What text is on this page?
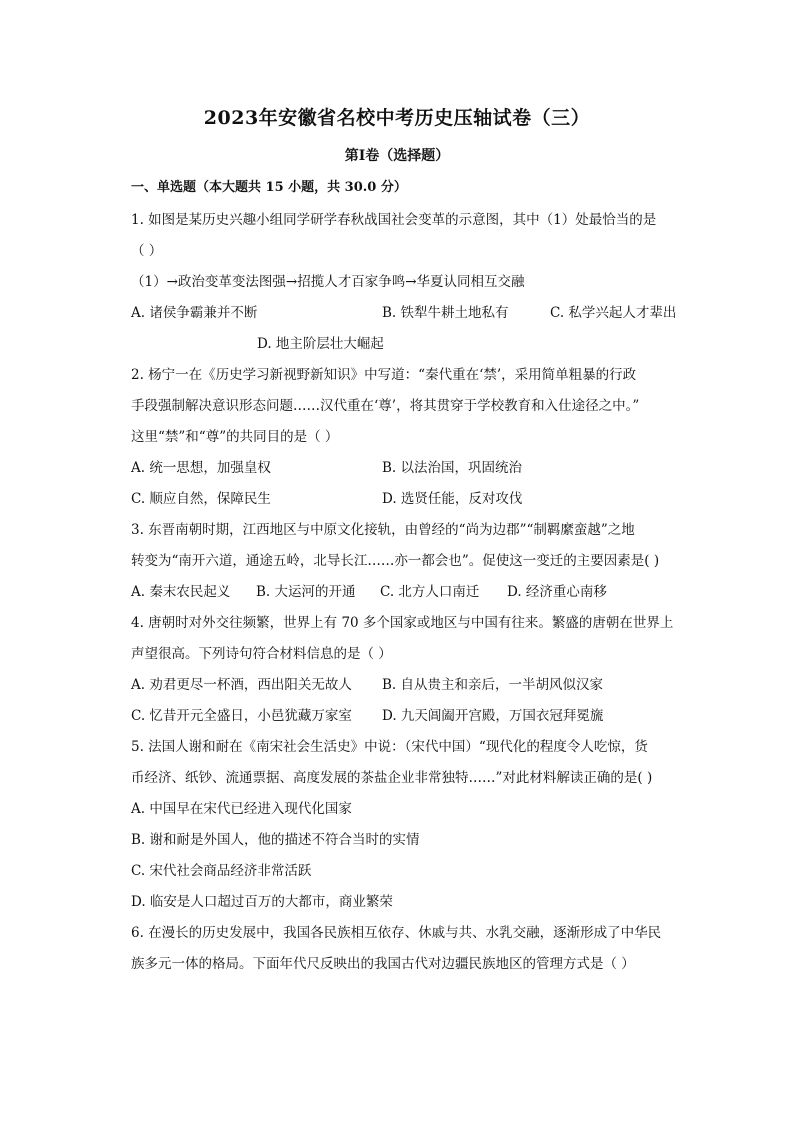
2023年安徽省名校中考历史压轴试卷（三）
第Ⅰ卷（选择题）
一、单选题（本大题共 15 小题，共 30.0 分）
1. 如图是某历史兴趣小组同学研学春秋战国社会变革的示意图，其中（1）处最恰当的是
（ ）
（1）→政治变革变法图强→招揽人才百家争鸣→华夏认同相互交融
A. 诸侯争霸兼并不断	B. 铁犁牛耕土地私有	C. 私学兴起人才辈出
D. 地主阶层壮大崛起
2. 杨宁一在《历史学习新视野新知识》中写道：“秦代重在‘禁’，采用简单粗暴的行政
手段强制解决意识形态问题……汉代重在‘尊’，将其贯穿于学校教育和入仕途径之中。”
这里“禁”和“尊”的共同目的是（ ）
A. 统一思想，加强皇权	B. 以法治国，巩固统治
C. 顺应自然，保障民生	D. 选贤任能，反对攻伐
3. 东晋南朝时期，江西地区与中原文化接轨，由曾经的“尚为边郡”“制羁縻蛮越”之地
转变为“南开六道，通途五岭，北导长江……亦一都会也”。促使这一变迁的主要因素是( )
A. 秦末农民起义	B. 大运河的开通	C. 北方人口南迁	D. 经济重心南移
4. 唐朝时对外交往频繁，世界上有 70 多个国家或地区与中国有往来。繁盛的唐朝在世界上
声望很高。下列诗句符合材料信息的是（ ）
A. 劝君更尽一杯酒，西出阳关无故人	B. 自从贵主和亲后，一半胡风似汉家
C. 忆昔开元全盛日，小邑犹藏万家室	D. 九天阊阖开宫殿，万国衣冠拜冕旒
5. 法国人谢和耐在《南宋社会生活史》中说：（宋代中国）“现代化的程度令人吃惊，货
币经济、纸钞、流通票据、高度发展的茶盐企业非常独特……”对此材料解读正确的是( )
A. 中国早在宋代已经进入现代化国家
B. 谢和耐是外国人，他的描述不符合当时的实情
C. 宋代社会商品经济非常活跃
D. 临安是人口超过百万的大都市，商业繁荣
6. 在漫长的历史发展中，我国各民族相互依存、休戚与共、水乳交融，逐渐形成了中华民
族多元一体的格局。下面年代尺反映出的我国古代对边疆民族地区的管理方式是（ ）
